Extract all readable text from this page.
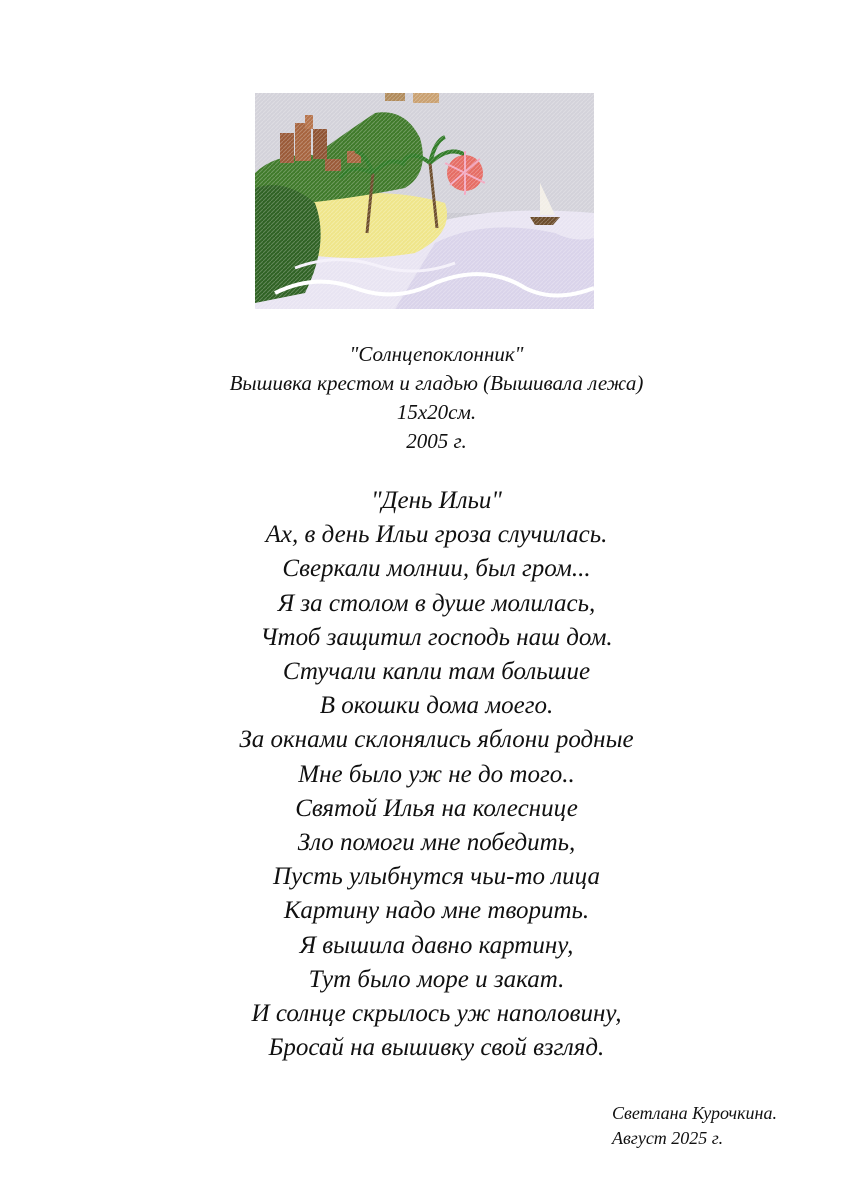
"Солнцепоклонник"
Вышивка крестом и гладью (Вышивала лежа)
15х20см.
2005 г.
"День Ильи"
Ах, в день Ильи гроза случилась.
Сверкали молнии, был гром...
Я за столом в душе молилась,
Чтоб защитил господь наш дом.
Стучали капли там большие
В окошки дома моего.
За окнами склонялись яблони родные
Мне было уж не до того..
Святой Илья на колеснице
Зло помоги мне победить,
Пусть улыбнутся чьи-то лица
Картину надо мне творить.
Я вышила давно картину,
Тут было море и закат.
И солнце скрылось уж наполовину,
Бросай на вышивку свой взгляд.
Светлана Курочкина.
Август 2025 г.
